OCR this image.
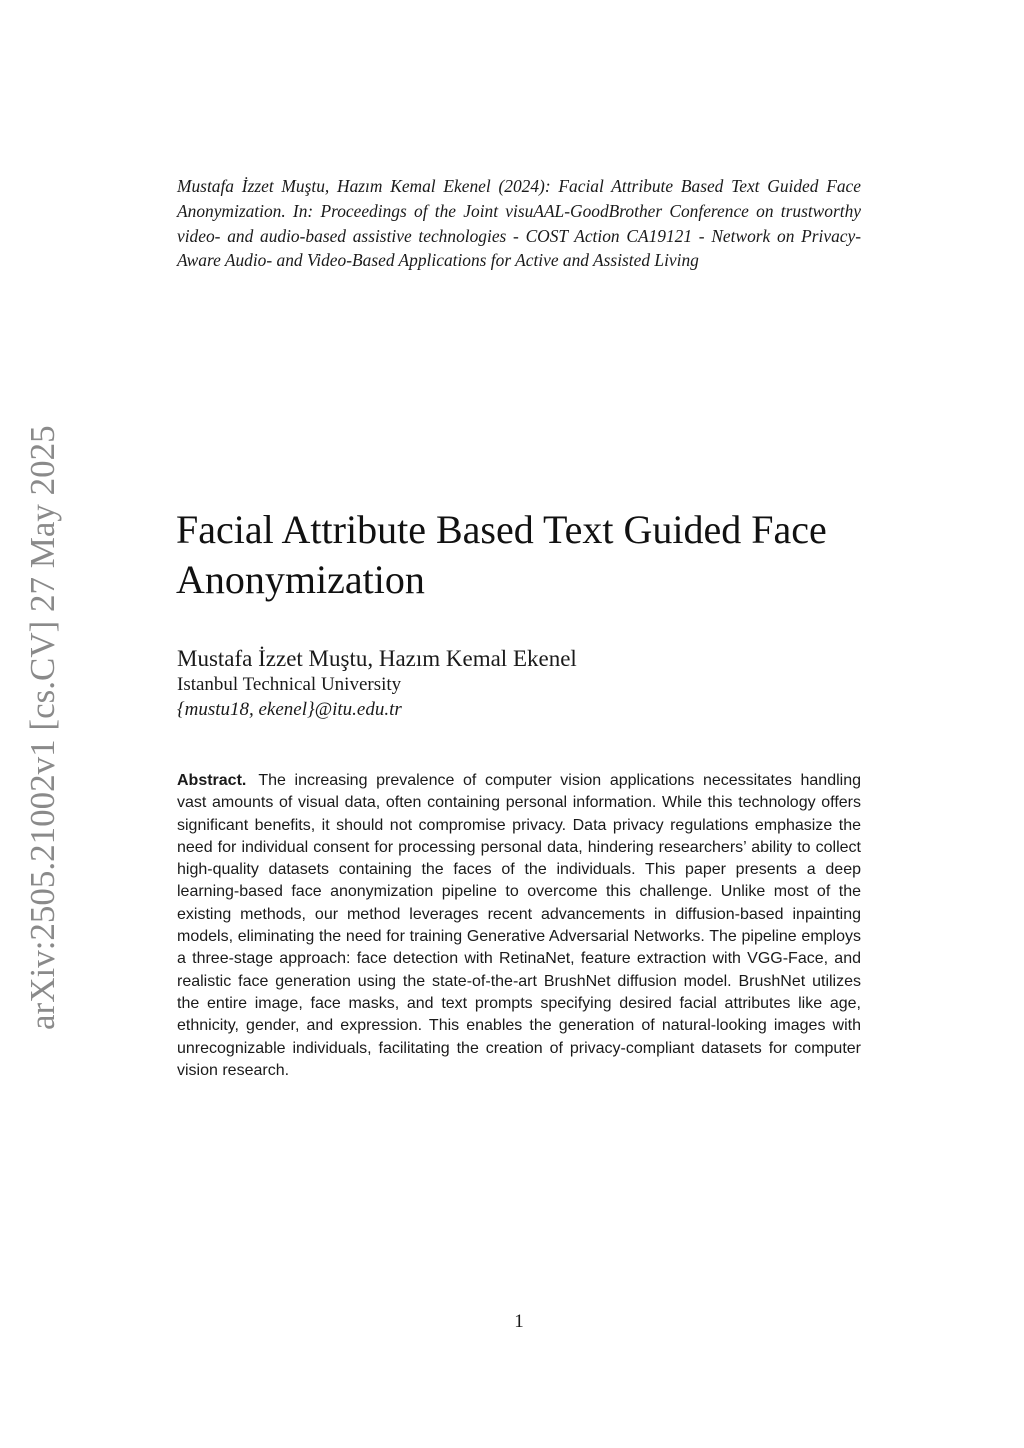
Mustafa İzzet Muştu, Hazım Kemal Ekenel (2024): Facial Attribute Based Text Guided Face Anonymization. In: Proceedings of the Joint visuAAL-GoodBrother Conference on trustworthy video- and audio-based assistive technologies - COST Action CA19121 - Network on Privacy-Aware Audio- and Video-Based Applications for Active and Assisted Living
arXiv:2505.21002v1 [cs.CV] 27 May 2025	Facial Attribute Based Text Guided Face Anonymization
Mustafa İzzet Muştu, Hazım Kemal Ekenel
Istanbul Technical University
{mustu18, ekenel}@itu.edu.tr
Abstract. The increasing prevalence of computer vision applications necessitates handling vast amounts of visual data, often containing personal information. While this technology offers significant benefits, it should not compromise privacy. Data privacy regulations emphasize the need for individual consent for processing personal data, hindering researchers’ ability to collect high-quality datasets containing the faces of the individuals. This paper presents a deep learning-based face anonymization pipeline to overcome this challenge. Unlike most of the existing methods, our method leverages recent advancements in diffusion-based inpainting models, eliminating the need for training Generative Adversarial Networks. The pipeline employs a three-stage approach: face detection with RetinaNet, feature extraction with VGG-Face, and realistic face generation using the state-of-the-art BrushNet diffusion model. BrushNet utilizes the entire image, face masks, and text prompts specifying desired facial attributes like age, ethnicity, gender, and expression. This enables the generation of natural-looking images with unrecognizable individuals, facilitating the creation of privacy-compliant datasets for computer vision research.
1
